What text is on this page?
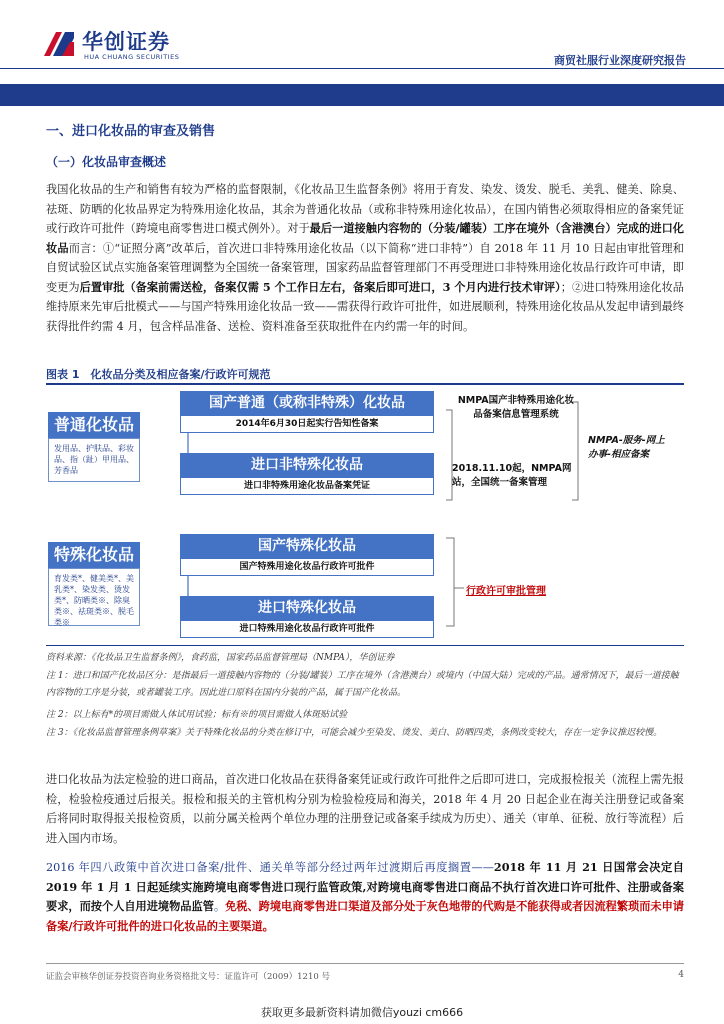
华创证券
HUA CHUANG SECURITIES	商贸社服行业深度研究报告
一、进口化妆品的审查及销售
（一）化妆品审查概述
我国化妆品的生产和销售有较为严格的监督限制，《化妆品卫生监督条例》将用于育发、染发、烫发、脱毛、美乳、健美、除臭、祛斑、防晒的化妆品界定为特殊用途化妆品，其余为普通化妆品（或称非特殊用途化妆品），在国内销售必须取得相应的备案凭证或行政许可批件（跨境电商零售进口模式例外）。对于最后一道接触内容物的（分装/罐装）工序在境外（含港澳台）完成的进口化妆品而言：①“证照分离”改革后，首次进口非特殊用途化妆品（以下简称“进口非特”）自 2018 年 11 月 10 日起由审批管理和自贸试验区试点实施备案管理调整为全国统一备案管理，国家药品监督管理部门不再受理进口非特殊用途化妆品行政许可申请，即变更为后置审批（备案前需送检，备案仅需 5 个工作日左右，备案后即可进口，3 个月内进行技术审评）；②进口特殊用途化妆品维持原来先审后批模式——与国产特殊用途化妆品一致——需获得行政许可批件，如进展顺利，特殊用途化妆品从发起申请到最终获得批件约需 4 月，包含样品准备、送检、资料准备至获取批件在内约需一年的时间。
图表 1　化妆品分类及相应备案/行政许可规范
普通化妆品
发用品、护肤品、彩妆品、指（趾）甲用品、芳香品
国产普通（或称非特殊）化妆品
2014年6月30日起实行告知性备案
进口非特殊化妆品
进口非特殊用途化妆品备案凭证
NMPA国产非特殊用途化妆品备案信息管理系统
2018.11.10起，NMPA网站，全国统一备案管理
NMPA-服务-网上办事-相应备案
特殊化妆品
育发类*、健美类*、美乳类*、染发类、烫发类*、防晒类※、除臭类※、祛斑类※、脱毛类※
国产特殊化妆品
国产特殊用途化妆品行政许可批件
进口特殊化妆品
进口特殊用途化妆品行政许可批件
行政许可审批管理
资料来源：《化妆品卫生监督条例》，食药监，国家药品监督管理局（NMPA），华创证券
注 1：进口和国产化妆品区分：是指最后一道接触内容物的（分装/罐装）工序在境外（含港澳台）或境内（中国大陆）完成的产品。通常情况下，最后一道接触内容物的工序是分装，或者罐装工序。因此进口原料在国内分装的产品，属于国产化妆品。
注 2：以上标有*的项目需做人体试用试验；标有※的项目需做人体斑贴试验
注 3：《化妆品监督管理条例草案》关于特殊化妆品的分类在修订中，可能会减少至染发、烫发、美白、防晒四类，条例改变较大，存在一定争议推迟较慢。
进口化妆品为法定检验的进口商品，首次进口化妆品在获得备案凭证或行政许可批件之后即可进口，完成报检报关（流程上需先报检，检验检疫通过后报关。报检和报关的主管机构分别为检验检疫局和海关，2018 年 4 月 20 日起企业在海关注册登记或备案后将同时取得报关报检资质，以前分属关检两个单位办理的注册登记或备案手续成为历史）、通关（审单、征税、放行等流程）后进入国内市场。
2016 年四八政策中首次进口备案/批件、通关单等部分经过两年过渡期后再度搁置——2018 年 11 月 21 日国常会决定自 2019 年 1 月 1 日起延续实施跨境电商零售进口现行监管政策,对跨境电商零售进口商品不执行首次进口许可批件、注册或备案要求，而按个人自用进境物品监管。免税、跨境电商零售进口渠道及部分处于灰色地带的代购是不能获得或者因流程繁琐而未申请备案/行政许可批件的进口化妆品的主要渠道。
证监会审核华创证券投资咨询业务资格批文号：证监许可（2009）1210 号	4
获取更多最新资料请加微信youzi cm666
